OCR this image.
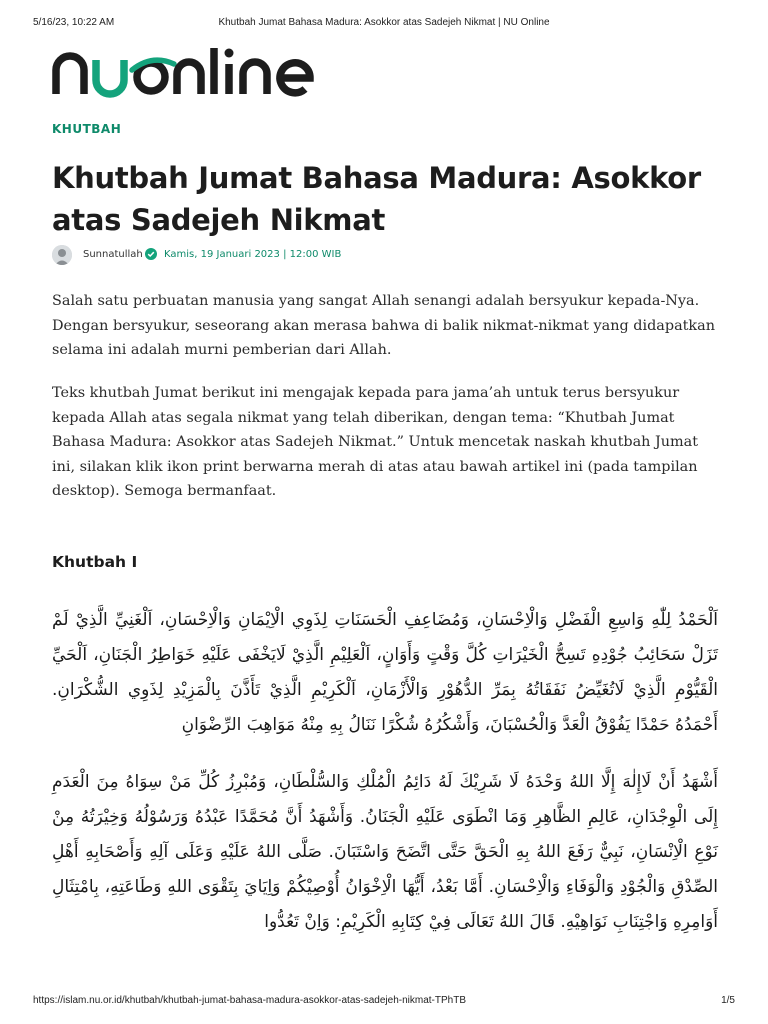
5/16/23, 10:22 AM	Khutbah Jumat Bahasa Madura: Asokkor atas Sadejeh Nikmat | NU Online
KHUTBAH
Khutbah Jumat Bahasa Madura: Asokkor atas Sadejeh Nikmat
Sunnatullah Kamis, 19 Januari 2023 | 12:00 WIB

Salah satu perbuatan manusia yang sangat Allah senangi adalah bersyukur kepada-Nya. Dengan bersyukur, seseorang akan merasa bahwa di balik nikmat-nikmat yang didapatkan selama ini adalah murni pemberian dari Allah.

Teks khutbah Jumat berikut ini mengajak kepada para jama’ah untuk terus bersyukur kepada Allah atas segala nikmat yang telah diberikan, dengan tema: “Khutbah Jumat Bahasa Madura: Asokkor atas Sadejeh Nikmat.” Untuk mencetak naskah khutbah Jumat ini, silakan klik ikon print berwarna merah di atas atau bawah artikel ini (pada tampilan desktop). Semoga bermanfaat.

Khutbah I

اَلْحَمْدُ لِلّٰهِ وَاسِعِ الْفَضْلِ وَالْاِحْسَانِ، وَمُضَاعِفِ الْحَسَنَاتِ لِذَوِي الْاِيْمَانِ وَالْاِحْسَانِ، اَلْغَنِيِّ الَّذِيْ لَمْ تَزَلْ سَحَائِبُ جُوْدِهِ تَسِحُّ الْخَيْرَاتِ كُلَّ وَقْتٍ وَأَوَانٍ، اَلْعَلِيْمِ الَّذِيْ لَايَخْفَى عَلَيْهِ خَوَاطِرُ الْجَنَانِ، اَلْحَيِّ الْقَيُّوْمِ الَّذِيْ لَاتُغَيِّضُ نَفَقَاتُهُ بِمَرِّ الدُّهُوْرِ وَالْأَزْمَانِ، اَلْكَرِيْمِ الَّذِيْ تَأَذَّنَ بِالْمَزِيْدِ لِذَوِي الشُّكْرَانِ. أَحْمَدُهُ حَمْدًا يَفُوْقُ الْعَدَّ وَالْحُسْبَانَ، وَأَشْكُرُهُ شُكْرًا نَنَالُ بِهِ مِنْهُ مَوَاهِبَ الرِّضْوَانِ

أَشْهَدُ أَنْ لَاإِلٰهَ إِلَّا اللهُ وَحْدَهُ لَا شَرِيْكَ لَهُ دَائِمُ الْمُلْكِ وَالسُّلْطَانِ، وَمُبْرِزُ كُلِّ مَنْ سِوَاهُ مِنَ الْعَدَمِ إِلَى الْوِجْدَانِ، عَالِمِ الظَّاهِرِ وَمَا انْطَوَى عَلَيْهِ الْجَنَانُ. وَأَشْهَدُ أَنَّ مُحَمَّدًا عَبْدُهُ وَرَسُوْلُهُ وَخِيْرَتُهُ مِنْ نَوْعِ الْاِنْسَانِ، نَبِيٌّ رَفَعَ اللهُ بِهِ الْحَقَّ حَتَّى اتَّضَحَ وَاسْتَبَانَ. صَلَّى اللهُ عَلَيْهِ وَعَلَى آلِهِ وَأَصْحَابِهِ أَهْلِ الصِّدْقِ وَالْجُوْدِ وَالْوَفَاءِ وَالْاِحْسَانِ. أَمَّا بَعْدُ، أَيُّهَا الْاِخْوَانُ أُوْصِيْكُمْ وَاِيَايَ بِتَقْوَى اللهِ وَطَاعَتِهِ، بِامْتِثَالِ أَوَامِرِهِ وَاجْتِنَابِ نَوَاهِيْهِ. قَالَ اللهُ تَعَالَى فِيْ كِتَابِهِ الْكَرِيْمِ: وَاِنْ تَعُدُّوا

https://islam.nu.or.id/khutbah/khutbah-jumat-bahasa-madura-asokkor-atas-sadejeh-nikmat-TPhTB	1/5
